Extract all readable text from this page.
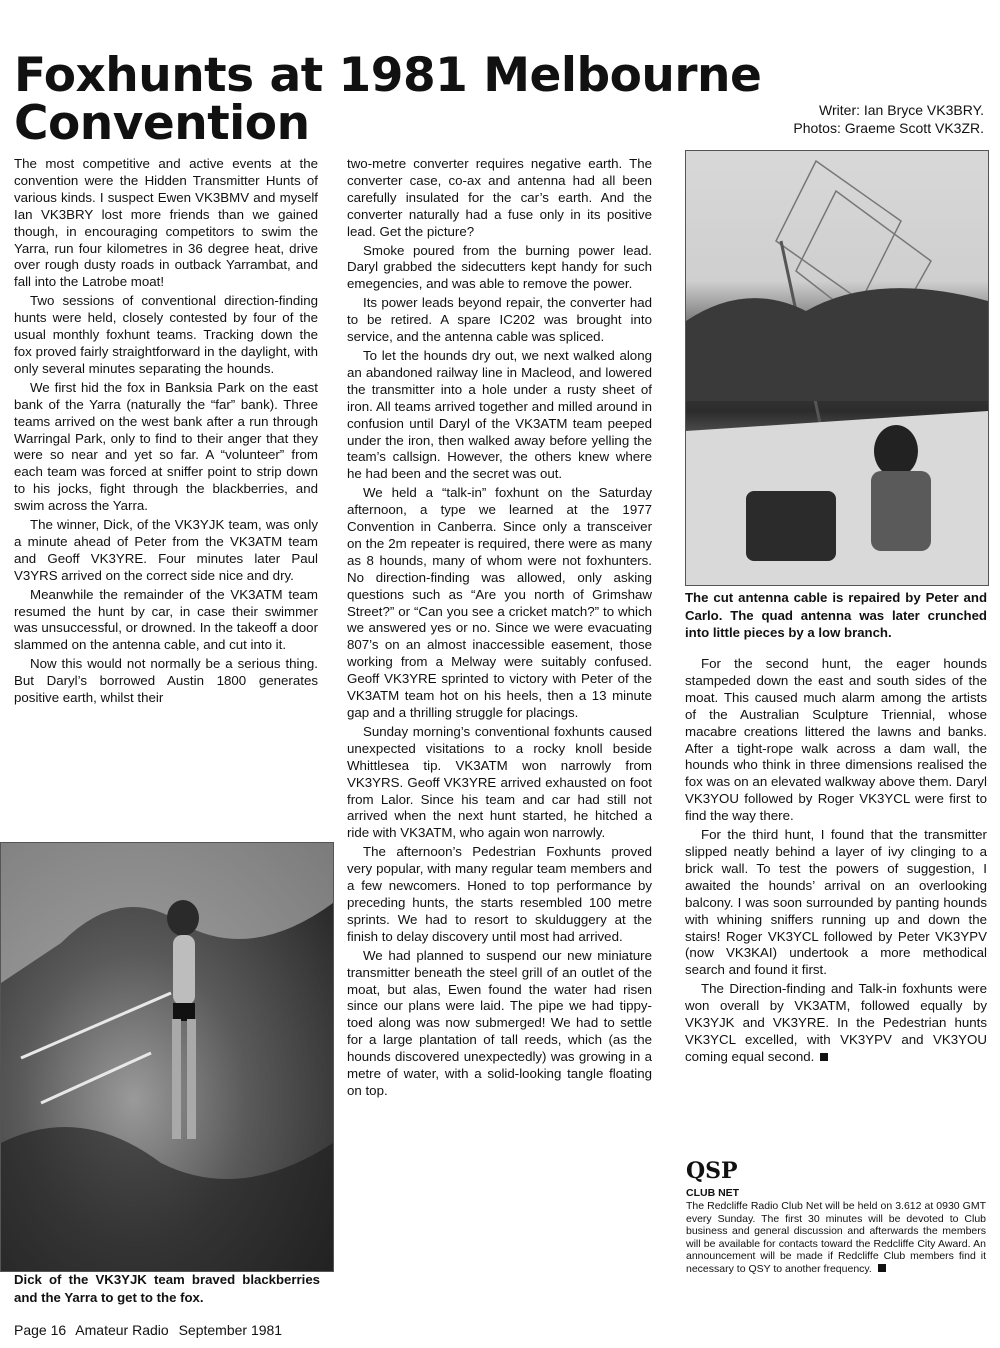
Foxhunts at 1981 Melbourne
Convention	Writer: Ian Bryce VK3BRY.
Photos: Graeme Scott VK3ZR.

The most competitive and active events at the convention were the Hidden Transmitter Hunts of various kinds. I suspect Ewen VK3BMV and myself Ian VK3BRY lost more friends than we gained though, in encouraging competitors to swim the Yarra, run four kilometres in 36 degree heat, drive over rough dusty roads in outback Yarrambat, and fall into the Latrobe moat!

Two sessions of conventional direction-finding hunts were held, closely contested by four of the usual monthly foxhunt teams. Tracking down the fox proved fairly straightforward in the daylight, with only several minutes separating the hounds.

We first hid the fox in Banksia Park on the east bank of the Yarra (naturally the “far” bank). Three teams arrived on the west bank after a run through Warringal Park, only to find to their anger that they were so near and yet so far. A “volunteer” from each team was forced at sniffer point to strip down to his jocks, fight through the blackberries, and swim across the Yarra.

The winner, Dick, of the VK3YJK team, was only a minute ahead of Peter from the VK3ATM team and Geoff VK3YRE. Four minutes later Paul V3YRS arrived on the correct side nice and dry.

Meanwhile the remainder of the VK3ATM team resumed the hunt by car, in case their swimmer was unsuccessful, or drowned. In the takeoff a door slammed on the antenna cable, and cut into it.

Now this would not normally be a serious thing. But Daryl’s borrowed Austin 1800 generates positive earth, whilst their

Dick of the VK3YJK team braved blackberries and the Yarra to get to the fox.

two-metre converter requires negative earth. The converter case, co-ax and antenna had all been carefully insulated for the car’s earth. And the converter naturally had a fuse only in its positive lead. Get the picture?

Smoke poured from the burning power lead. Daryl grabbed the sidecutters kept handy for such emegencies, and was able to remove the power.

Its power leads beyond repair, the converter had to be retired. A spare IC202 was brought into service, and the antenna cable was spliced.

To let the hounds dry out, we next walked along an abandoned railway line in Macleod, and lowered the transmitter into a hole under a rusty sheet of iron. All teams arrived together and milled around in confusion until Daryl of the VK3ATM team peeped under the iron, then walked away before yelling the team’s callsign. However, the others knew where he had been and the secret was out.

We held a “talk-in” foxhunt on the Saturday afternoon, a type we learned at the 1977 Convention in Canberra. Since only a transceiver on the 2m repeater is required, there were as many as 8 hounds, many of whom were not foxhunters. No direction-finding was allowed, only asking questions such as “Are you north of Grimshaw Street?” or “Can you see a cricket match?” to which we answered yes or no. Since we were evacuating 807’s on an almost inaccessible easement, those working from a Melway were suitably confused. Geoff VK3YRE sprinted to victory with Peter of the VK3ATM team hot on his heels, then a 13 minute gap and a thrilling struggle for placings.

Sunday morning’s conventional foxhunts caused unexpected visitations to a rocky knoll beside Whittlesea tip. VK3ATM won narrowly from VK3YRS. Geoff VK3YRE arrived exhausted on foot from Lalor. Since his team and car had still not arrived when the next hunt started, he hitched a ride with VK3ATM, who again won narrowly.

The afternoon’s Pedestrian Foxhunts proved very popular, with many regular team members and a few newcomers. Honed to top performance by preceding hunts, the starts resembled 100 metre sprints. We had to resort to skulduggery at the finish to delay discovery until most had arrived.

We had planned to suspend our new miniature transmitter beneath the steel grill of an outlet of the moat, but alas, Ewen found the water had risen since our plans were laid. The pipe we had tippy-toed along was now submerged! We had to settle for a large plantation of tall reeds, which (as the hounds discovered unexpectedly) was growing in a metre of water, with a solid-looking tangle floating on top.

The cut antenna cable is repaired by Peter and Carlo. The quad antenna was later crunched into little pieces by a low branch.

For the second hunt, the eager hounds stampeded down the east and south sides of the moat. This caused much alarm among the artists of the Australian Sculpture Triennial, whose macabre creations littered the lawns and banks. After a tight-rope walk across a dam wall, the hounds who think in three dimensions realised the fox was on an elevated walkway above them. Daryl VK3YOU followed by Roger VK3YCL were first to find the way there.

For the third hunt, I found that the transmitter slipped neatly behind a layer of ivy clinging to a brick wall. To test the powers of suggestion, I awaited the hounds’ arrival on an overlooking balcony. I was soon surrounded by panting hounds with whining sniffers running up and down the stairs! Roger VK3YCL followed by Peter VK3YPV (now VK3KAI) undertook a more methodical search and found it first.

The Direction-finding and Talk-in foxhunts were won overall by VK3ATM, followed equally by VK3YJK and VK3YRE. In the Pedestrian hunts VK3YCL excelled, with VK3YPV and VK3YOU coming equal second.

QSP
CLUB NET
The Redcliffe Radio Club Net will be held on 3.612 at 0930 GMT every Sunday. The first 30 minutes will be devoted to Club business and general discussion and afterwards the members will be available for contacts toward the Redcliffe City Award. An announcement will be made if Redcliffe Club members find it necessary to QSY to another frequency.
Page 16 Amateur Radio September 1981
